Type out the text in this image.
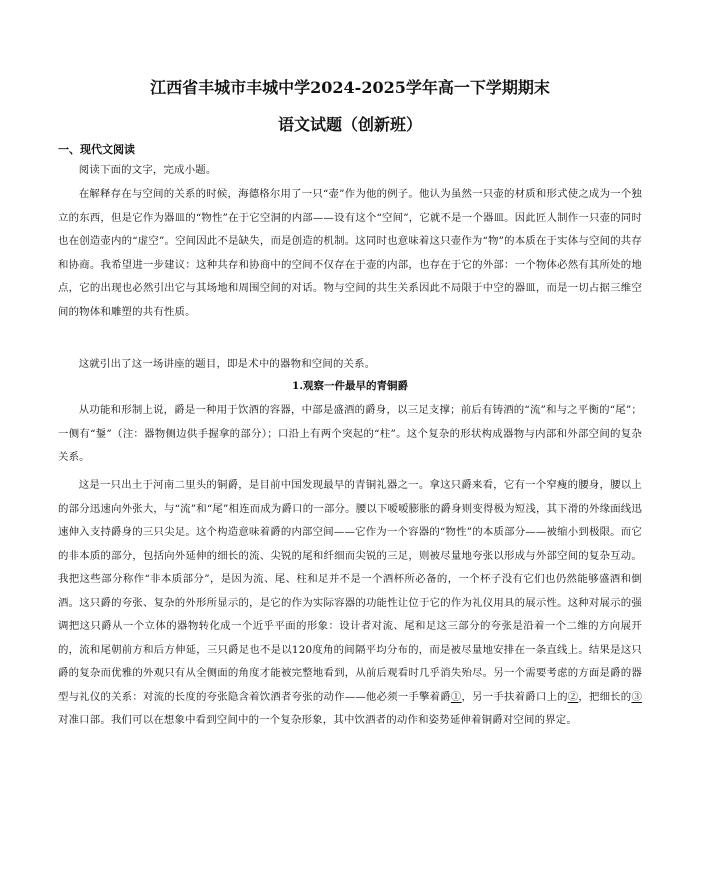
江西省丰城市丰城中学2024-2025学年高一下学期期末
语文试题（创新班）
一、现代文阅读

阅读下面的文字，完成小题。

在解释存在与空间的关系的时候，海德格尔用了一只“壶”作为他的例子。他认为虽然一只壶的材质和形式使之成为一个独立的东西，但是它作为器皿的“物性”在于它空洞的内部——设有这个“空间”，它就不是一个器皿。因此匠人制作一只壶的同时也在创造壶内的“虚空”。空间因此不是缺失，而是创造的机制。这同时也意味着这只壶作为“物”的本质在于实体与空间的共存和协商。我希望进一步建议：这种共存和协商中的空间不仅存在于壶的内部，也存在于它的外部：一个物体必然有其所处的地点，它的出现也必然引出它与其场地和周围空间的对话。物与空间的共生关系因此不局限于中空的器皿，而是一切占据三维空间的物体和雕塑的共有性质。

这就引出了这一场讲座的题目，即是术中的器物和空间的关系。

1.观察一件最早的青铜爵

从功能和形制上说，爵是一种用于饮酒的容器，中部是盛酒的爵身，以三足支撑；前后有铸酒的“流”和与之平衡的“尾”；一侧有“鋬”（注：器物侧边供手握拿的部分）；口沿上有两个突起的“柱”。这个复杂的形状构成器物与内部和外部空间的复杂关系。

这是一只出土于河南二里头的铜爵，是目前中国发现最早的青铜礼器之一。拿这只爵来看，它有一个窄瘦的腰身，腰以上的部分迅速向外张大，与“流”和“尾”相连而成为爵口的一部分。腰以下嗳嗳膨胀的爵身则变得极为短浅，其下滑的外缘面线迅速伸入支持爵身的三只尖足。这个构造意味着爵的内部空间——它作为一个容器的“物性”的本质部分——被缩小到极限。而它的非本质的部分，包括向外延伸的细长的流、尖锐的尾和纤细而尖锐的三足，则被尽量地夸张以形成与外部空间的复杂互动。我把这些部分称作“非本质部分”，是因为流、尾、柱和足并不是一个酒杯所必备的，一个杯子没有它们也仍然能够盛酒和倒酒。这只爵的夸张、复杂的外形所显示的，是它的作为实际容器的功能性让位于它的作为礼仪用具的展示性。这种对展示的强调把这只爵从一个立体的器物转化成一个近乎平面的形象：设计者对流、尾和足这三部分的夸张是沿着一个二维的方向展开的，流和尾朝前方和后方伸延，三只爵足也不是以120度角的间隔平均分布的，而是被尽量地安排在一条直线上。结果是这只爵的复杂而优雅的外观只有从全侧面的角度才能被完整地看到，从前后观看时几乎消失殆尽。另一个需要考虑的方面是爵的器型与礼仪的关系：对流的长度的夸张隐含着饮酒者夸张的动作——他必须一手擎着爵①，另一手扶着爵口上的②，把细长的③对准口部。我们可以在想象中看到空间中的一个复杂形象，其中饮酒者的动作和姿势延伸着铜爵对空间的界定。
